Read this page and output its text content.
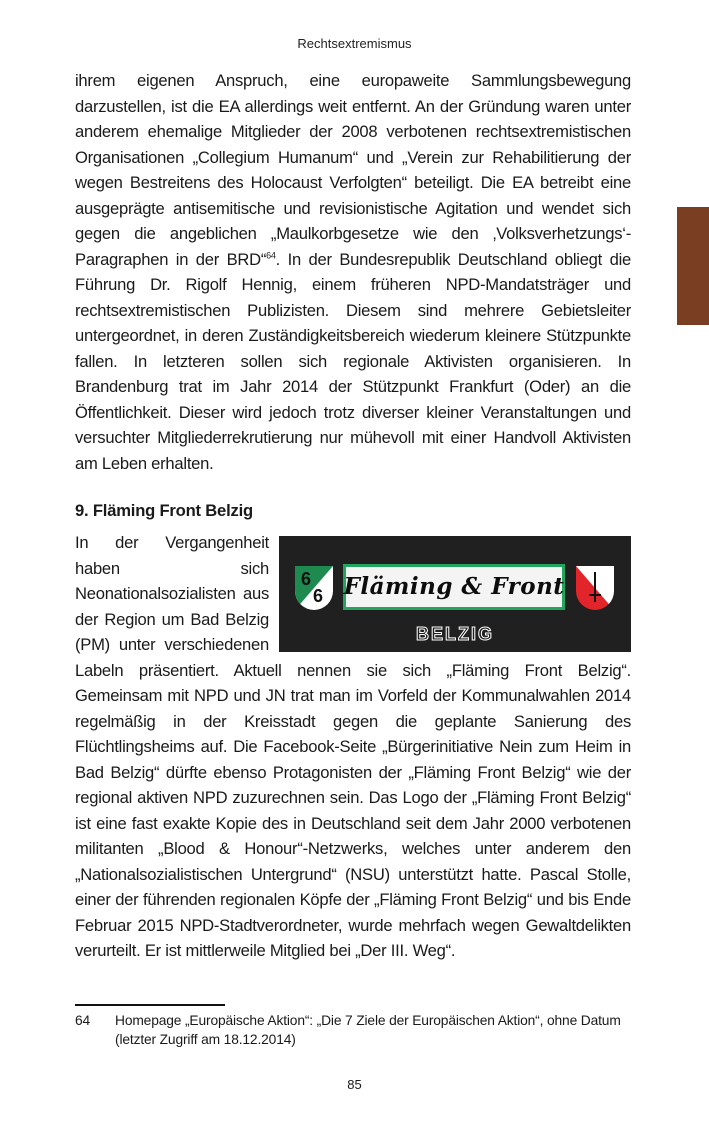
Rechtsextremismus

ihrem eigenen Anspruch, eine europaweite Sammlungsbewegung darzustellen, ist die EA allerdings weit entfernt. An der Gründung waren unter anderem ehemalige Mitglieder der 2008 verbotenen rechtsextremistischen Organisationen „Collegium Humanum“ und „Verein zur Rehabilitierung der wegen Bestreitens des Holocaust Verfolgten“ beteiligt. Die EA betreibt eine ausgeprägte antisemitische und revisionistische Agitation und wendet sich gegen die angeblichen „Maulkorbgesetze wie den ‚Volksverhetzungs‘-Paragraphen in der BRD“$^{64}$. In der Bundesrepublik Deutschland obliegt die Führung Dr. Rigolf Hennig, einem früheren NPD-Mandatsträger und rechtsextremistischen Publizisten. Diesem sind mehrere Gebietsleiter untergeordnet, in deren Zuständigkeitsbereich wiederum kleinere Stützpunkte fallen. In letzteren sollen sich regionale Aktivisten organisieren. In Brandenburg trat im Jahr 2014 der Stützpunkt Frankfurt (Oder) an die Öffentlichkeit. Dieser wird jedoch trotz diverser kleiner Veranstaltungen und versuchter Mitgliederrekrutierung nur mühevoll mit einer Handvoll Aktivisten am Leben erhalten.

9. Fläming Front Belzig

6
6 Fläming & Front
BELZIG
In der Vergangenheit haben sich Neonationalsozialisten aus der Region um Bad Belzig (PM) unter verschiedenen Labeln präsentiert. Aktuell nennen sie sich „Fläming Front Belzig“. Gemeinsam mit NPD und JN trat man im Vorfeld der Kommunalwahlen 2014 regelmäßig in der Kreisstadt gegen die geplante Sanierung des Flüchtlingsheims auf. Die Facebook-Seite „Bürgerinitiative Nein zum Heim in Bad Belzig“ dürfte ebenso Protagonisten der „Fläming Front Belzig“ wie der regional aktiven NPD zuzurechnen sein. Das Logo der „Fläming Front Belzig“ ist eine fast exakte Kopie des in Deutschland seit dem Jahr 2000 verbotenen militanten „Blood & Honour“-Netzwerks, welches unter anderem den „Nationalsozialistischen Untergrund“ (NSU) unterstützt hatte. Pascal Stolle, einer der führenden regionalen Köpfe der „Fläming Front Belzig“ und bis Ende Februar 2015 NPD-Stadtverordneter, wurde mehrfach wegen Gewaltdelikten verurteilt. Er ist mittlerweile Mitglied bei „Der III. Weg“.

64 Homepage „Europäische Aktion“: „Die 7 Ziele der Europäischen Aktion“, ohne Datum (letzter Zugriff am 18.12.2014)
85
